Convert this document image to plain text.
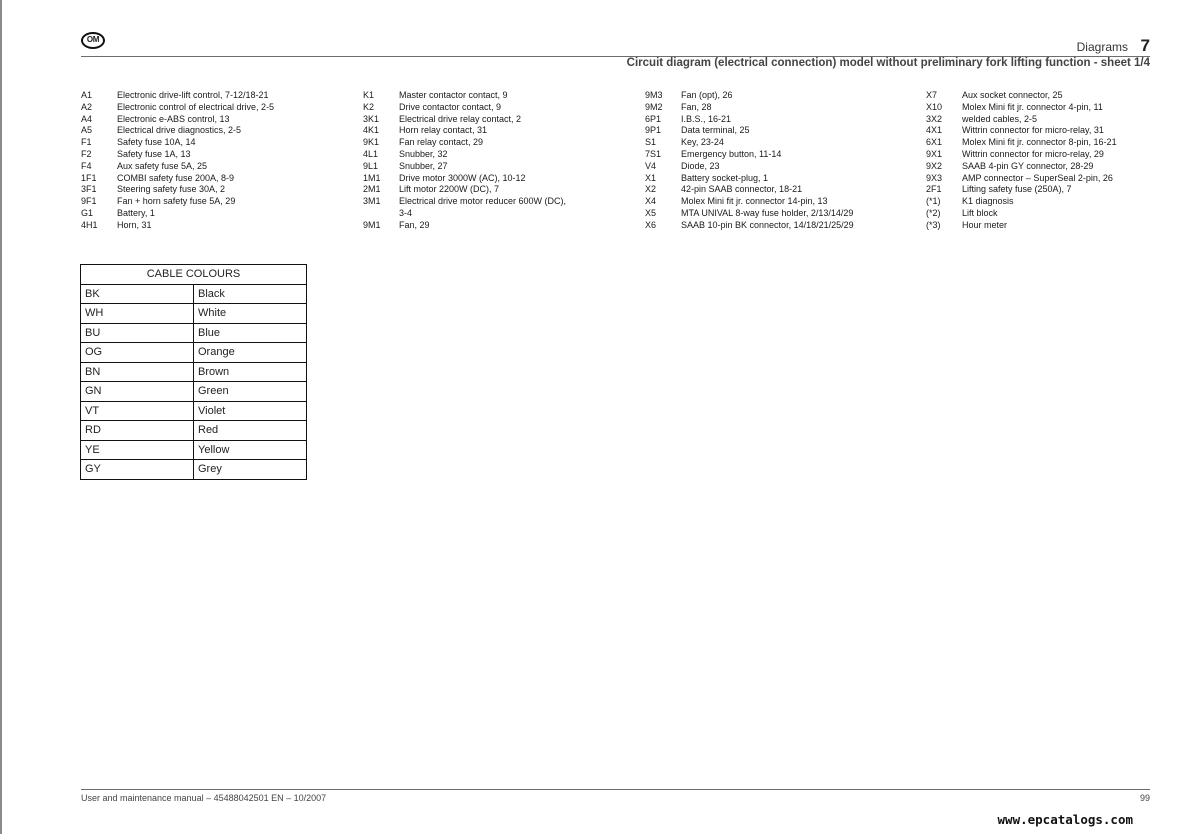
OM
Diagrams 7
Circuit diagram (electrical connection) model without preliminary fork lifting function - sheet 1/4
A1	Electronic drive-lift control, 7-12/18-21
A2	Electronic control of electrical drive, 2-5
A4	Electronic e-ABS control, 13
A5	Electrical drive diagnostics, 2-5
F1	Safety fuse 10A, 14
F2	Safety fuse 1A, 13
F4	Aux safety fuse 5A, 25
1F1	COMBI safety fuse 200A, 8-9
3F1	Steering safety fuse 30A, 2
9F1	Fan + horn safety fuse 5A, 29
G1	Battery, 1
4H1	Horn, 31
K1	Master contactor contact, 9
K2	Drive contactor contact, 9
3K1	Electrical drive relay contact, 2
4K1	Horn relay contact, 31
9K1	Fan relay contact, 29
4L1	Snubber, 32
9L1	Snubber, 27
1M1	Drive motor 3000W (AC), 10-12
2M1	Lift motor 2200W (DC), 7
3M1	Electrical drive motor reducer 600W (DC),
3-4
9M1	Fan, 29
9M3	Fan (opt), 26
9M2	Fan, 28
6P1	I.B.S., 16-21
9P1	Data terminal, 25
S1	Key, 23-24
7S1	Emergency button, 11-14
V4	Diode, 23
X1	Battery socket-plug, 1
X2	42-pin SAAB connector, 18-21
X4	Molex Mini fit jr. connector 14-pin, 13
X5	MTA UNIVAL 8-way fuse holder, 2/13/14/29
X6	SAAB 10-pin BK connector, 14/18/21/25/29
X7	Aux socket connector, 25
X10	Molex Mini fit jr. connector 4-pin, 11
3X2	welded cables, 2-5
4X1	Wittrin connector for micro-relay, 31
6X1	Molex Mini fit jr. connector 8-pin, 16-21
9X1	Wittrin connector for micro-relay, 29
9X2	SAAB 4-pin GY connector, 28-29
9X3	AMP connector – SuperSeal 2-pin, 26
2F1	Lifting safety fuse (250A), 7
(*1)	K1 diagnosis
(*2)	Lift block
(*3)	Hour meter
CABLE COLOURS	
BK	Black
WH	White
BU	Blue
OG	Orange
BN	Brown
GN	Green
VT	Violet
RD	Red
YE	Yellow
GY	Grey
User and maintenance manual – 45488042501 EN – 10/2007	99
www.epcatalogs.com
